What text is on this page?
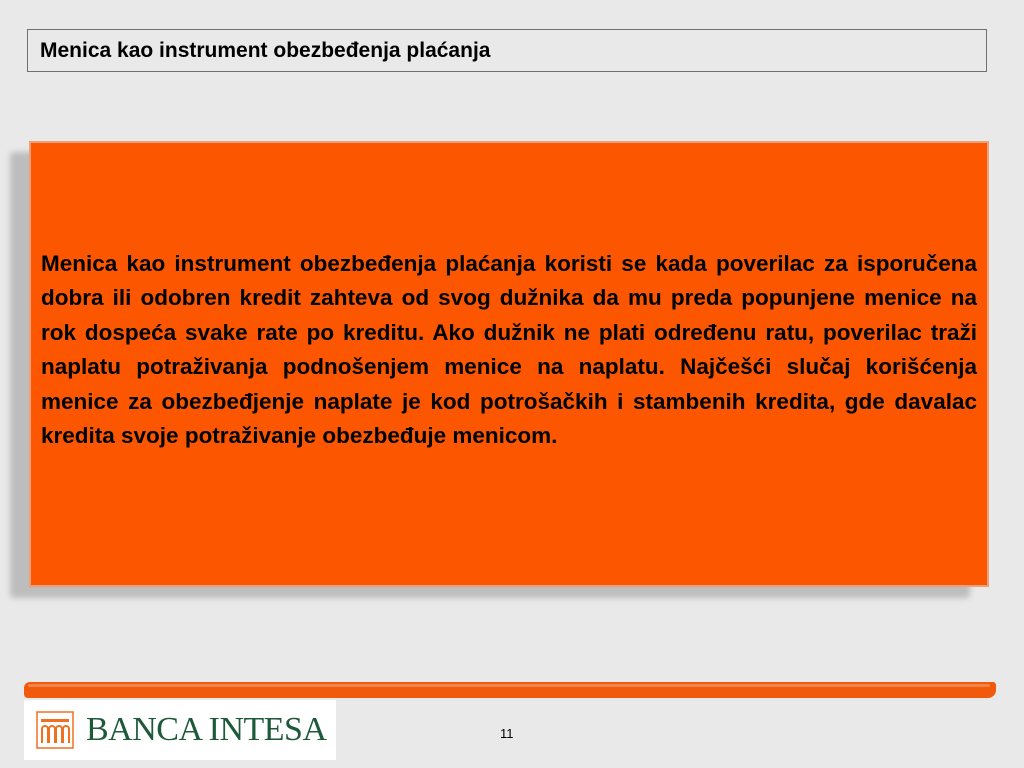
Menica kao instrument obezbeđenja plaćanja
Menica kao instrument obezbeđenja plaćanja koristi se kada poverilac za isporučena dobra ili odobren kredit zahteva od svog dužnika da mu preda popunjene menice na rok dospeća svake rate po kreditu. Ako dužnik ne plati određenu ratu, poverilac traži naplatu potraživanja podnošenjem menice na naplatu. Najčešći slučaj korišćenja menice za obezbeđjenje naplate je kod potrošačkih i stambenih kredita, gde davalac kredita svoje potraživanje obezbeđuje menicom.
BANCA INTESA	11
